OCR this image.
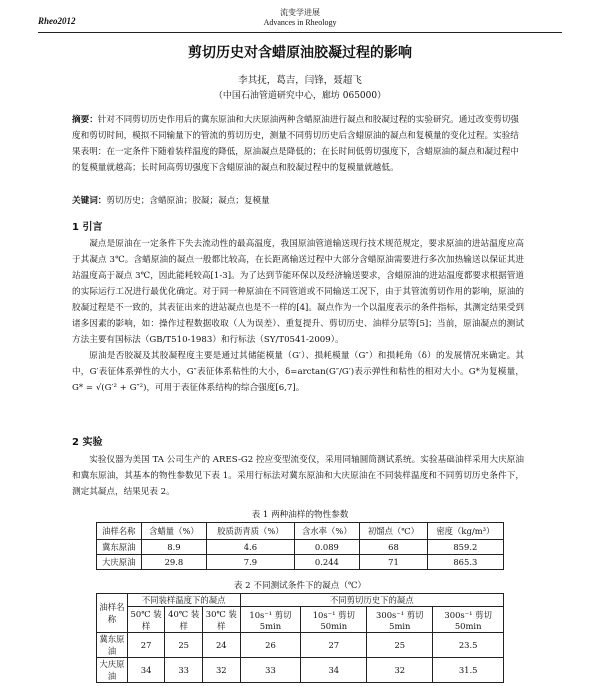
Rheo2012
流变学进展
Advances in Rheology
剪切历史对含蜡原油胶凝过程的影响
李其抚，葛吉，闫锋，聂超飞
（中国石油管道研究中心，廊坊 065000）
摘要：针对不同剪切历史作用后的冀东原油和大庆原油两种含蜡原油进行凝点和胶凝过程的实验研究。通过改变剪切强度和剪切时间，模拟不同输量下的管流的剪切历史，测量不同剪切历史后含蜡原油的凝点和复模量的变化过程。实验结果表明：在一定条件下随着装样温度的降低，原油凝点是降低的；在长时间低剪切强度下，含蜡原油的凝点和凝过程中的复模量就越高；长时间高剪切强度下含蜡原油的凝点和胶凝过程中的复模量就越低。
关键词：剪切历史；含蜡原油；胶凝；凝点；复模量
1 引言

凝点是原油在一定条件下失去流动性的最高温度，我国原油管道输送现行技术规范规定，要求原油的进站温度应高于其凝点 3℃。含蜡原油的凝点一般都比较高，在长距离输送过程中大部分含蜡原油需要进行多次加热输送以保证其进站温度高于凝点 3℃，因此能耗较高[1-3]。为了达到节能环保以及经济输送要求，含蜡原油的进站温度都要求根据管道的实际运行工况进行最优化确定。对于同一种原油在不同管道或不同输送工况下，由于其管流剪切作用的影响，原油的胶凝过程是不一致的，其表征出来的进站凝点也是不一样的[4]。凝点作为一个以温度表示的条件指标，其测定结果受到诸多因素的影响，如：操作过程数据收取（人为误差）、重复提升、剪切历史、油样分层等[5]；当前，原油凝点的测试方法主要有国标法（GB/T510-1983）和行标法（SY/T0541-2009）。

原油是否胶凝及其胶凝程度主要是通过其储能模量（G′）、损耗模量（G″）和损耗角（δ）的发展情况来确定。其中，G′表征体系弹性的大小，G″表征体系粘性的大小，δ=arctan(G″/G′)表示弹性和粘性的相对大小。G*为复模量，G* = √(G′² + G″²)，可用于表征体系结构的综合强度[6,7]。

2 实验

实验仪器为美国 TA 公司生产的 ARES-G2 控应变型流变仪，采用同轴圆筒测试系统。实验基础油样采用大庆原油和冀东原油，其基本的物性参数见下表 1。采用行标法对冀东原油和大庆原油在不同装样温度和不同剪切历史条件下，测定其凝点，结果见表 2。

表 1 两种油样的物性参数
油样名称	含蜡量（%）	胶质沥青质（%）	含水率（%）	初馏点（℃）	密度（kg/m³）
冀东原油	8.9	4.6	0.089	68	859.2
大庆原油	29.8	7.9	0.244	71	865.3
表 2 不同测试条件下的凝点（℃）
油样名称	不同装样温度下的凝点			不同剪切历史下的凝点			
	50℃ 装样	40℃ 装样	30℃ 装样	10s⁻¹ 剪切 5min	10s⁻¹ 剪切 50min	300s⁻¹ 剪切 5min	300s⁻¹ 剪切 50min
冀东原油	27	25	24	26	27	25	23.5
大庆原油	34	33	32	33	34	32	31.5
